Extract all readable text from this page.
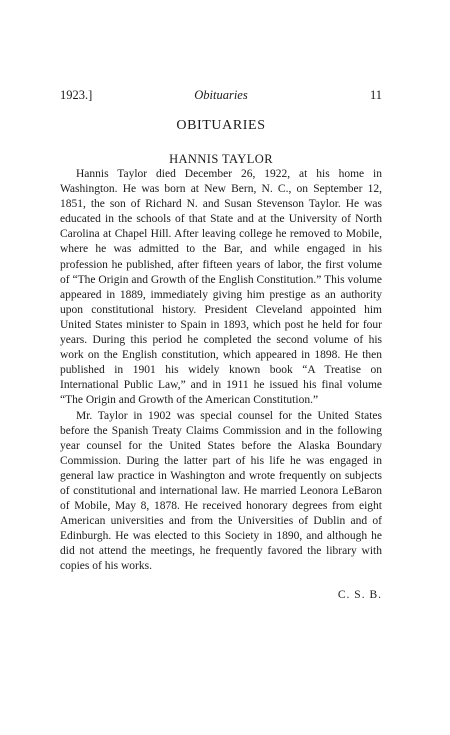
1923.]	Obituaries	11
OBITUARIES
HANNIS TAYLOR

Hannis Taylor died December 26, 1922, at his home in Washington. He was born at New Bern, N. C., on September 12, 1851, the son of Richard N. and Susan Stevenson Taylor. He was educated in the schools of that State and at the University of North Carolina at Chapel Hill. After leaving college he removed to Mobile, where he was admitted to the Bar, and while engaged in his profession he published, after fifteen years of labor, the first volume of “The Origin and Growth of the English Constitution.” This volume appeared in 1889, immediately giving him prestige as an authority upon constitutional history. President Cleveland appointed him United States minister to Spain in 1893, which post he held for four years. During this period he completed the second volume of his work on the English constitution, which appeared in 1898. He then published in 1901 his widely known book “A Treatise on International Public Law,” and in 1911 he issued his final volume “The Origin and Growth of the American Constitution.”

Mr. Taylor in 1902 was special counsel for the United States before the Spanish Treaty Claims Commission and in the following year counsel for the United States before the Alaska Boundary Commission. During the latter part of his life he was engaged in general law practice in Washington and wrote frequently on subjects of constitutional and international law. He married Leonora LeBaron of Mobile, May 8, 1878. He received honorary degrees from eight American universities and from the Universities of Dublin and of Edinburgh. He was elected to this Society in 1890, and although he did not attend the meetings, he frequently favored the library with copies of his works.

C. S. B.
